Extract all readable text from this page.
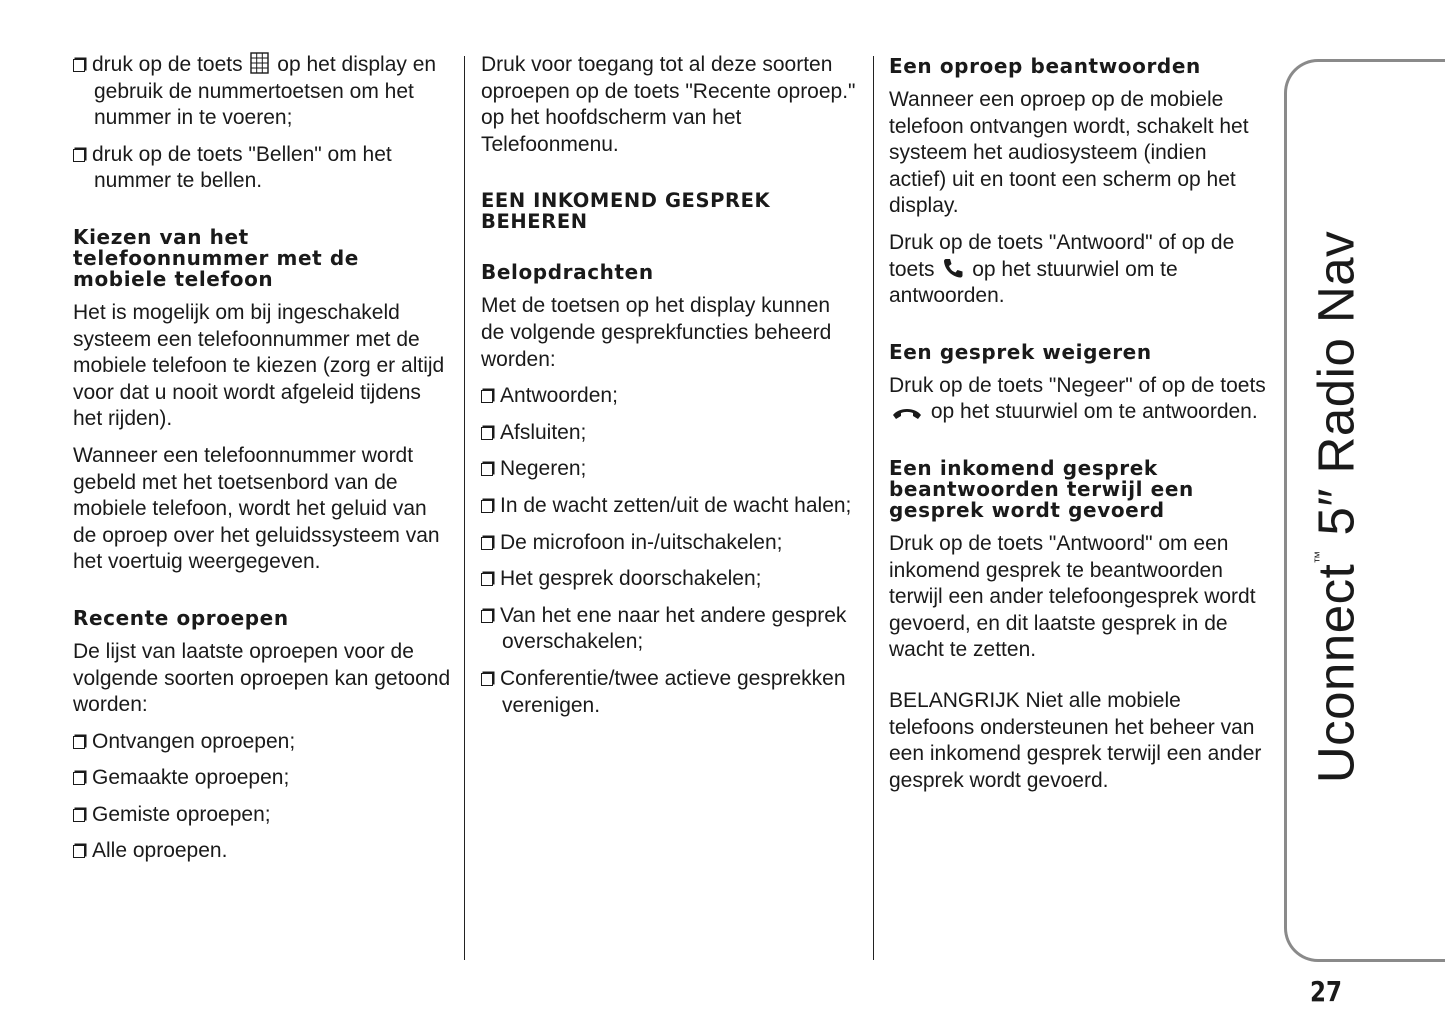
druk op de toets op het display en gebruik de nummertoetsen om het nummer in te voeren;

druk op de toets "Bellen" om het nummer te bellen.

Kiezen van het telefoonnummer met de mobiele telefoon

Het is mogelijk om bij ingeschakeld systeem een telefoonnummer met de mobiele telefoon te kiezen (zorg er altijd voor dat u nooit wordt afgeleid tijdens het rijden).

Wanneer een telefoonnummer wordt gebeld met het toetsenbord van de mobiele telefoon, wordt het geluid van de oproep over het geluidssysteem van het voertuig weergegeven.

Recente oproepen

De lijst van laatste oproepen voor de volgende soorten oproepen kan getoond worden:

Ontvangen oproepen;

Gemaakte oproepen;

Gemiste oproepen;

Alle oproepen.

Druk voor toegang tot al deze soorten oproepen op de toets "Recente oproep." op het hoofdscherm van het Telefoonmenu.

EEN INKOMEND GESPREK BEHEREN
Belopdrachten

Met de toetsen op het display kunnen de volgende gesprekfuncties beheerd worden:

Antwoorden;

Afsluiten;

Negeren;

In de wacht zetten/uit de wacht halen;

De microfoon in-/uitschakelen;

Het gesprek doorschakelen;

Van het ene naar het andere gesprek overschakelen;

Conferentie/twee actieve gesprekken verenigen.

Een oproep beantwoorden

Wanneer een oproep op de mobiele telefoon ontvangen wordt, schakelt het systeem het audiosysteem (indien actief) uit en toont een scherm op het display.

Druk op de toets "Antwoord" of op de toets op het stuurwiel om te antwoorden.

Een gesprek weigeren

Druk op de toets "Negeer" of op de toets  op het stuurwiel om te antwoorden.

Een inkomend gesprek beantwoorden terwijl een gesprek wordt gevoerd

Druk op de toets "Antwoord" om een inkomend gesprek te beantwoorden terwijl een ander telefoongesprek wordt gevoerd, en dit laatste gesprek in de wacht te zetten.

BELANGRIJK Niet alle mobiele telefoons ondersteunen het beheer van een inkomend gesprek terwijl een ander gesprek wordt gevoerd.	Uconnect™ 5″ Radio Nav
27
